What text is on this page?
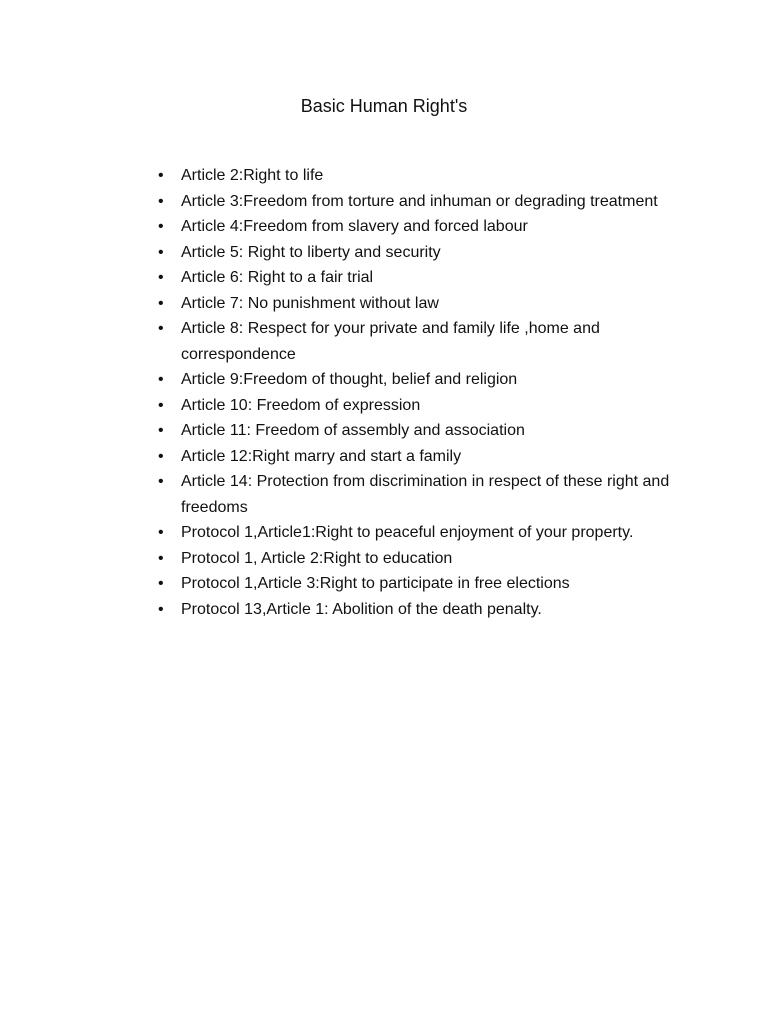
Basic Human Right's
• Article 2:Right to life
• Article 3:Freedom from torture and inhuman or degrading treatment
• Article 4:Freedom from slavery and forced labour
• Article 5: Right to liberty and security
• Article 6: Right to a fair trial
• Article 7: No punishment without law
• Article 8: Respect for your private and family life ,home and correspondence
• Article 9:Freedom of thought, belief and religion
• Article 10: Freedom of expression
• Article 11: Freedom of assembly and association
• Article 12:Right marry and start a family
• Article 14: Protection from discrimination in respect of these right and freedoms
• Protocol 1,Article1:Right to peaceful enjoyment of your property.
• Protocol 1, Article 2:Right to education
• Protocol 1,Article 3:Right to participate in free elections
• Protocol 13,Article 1: Abolition of the death penalty.
